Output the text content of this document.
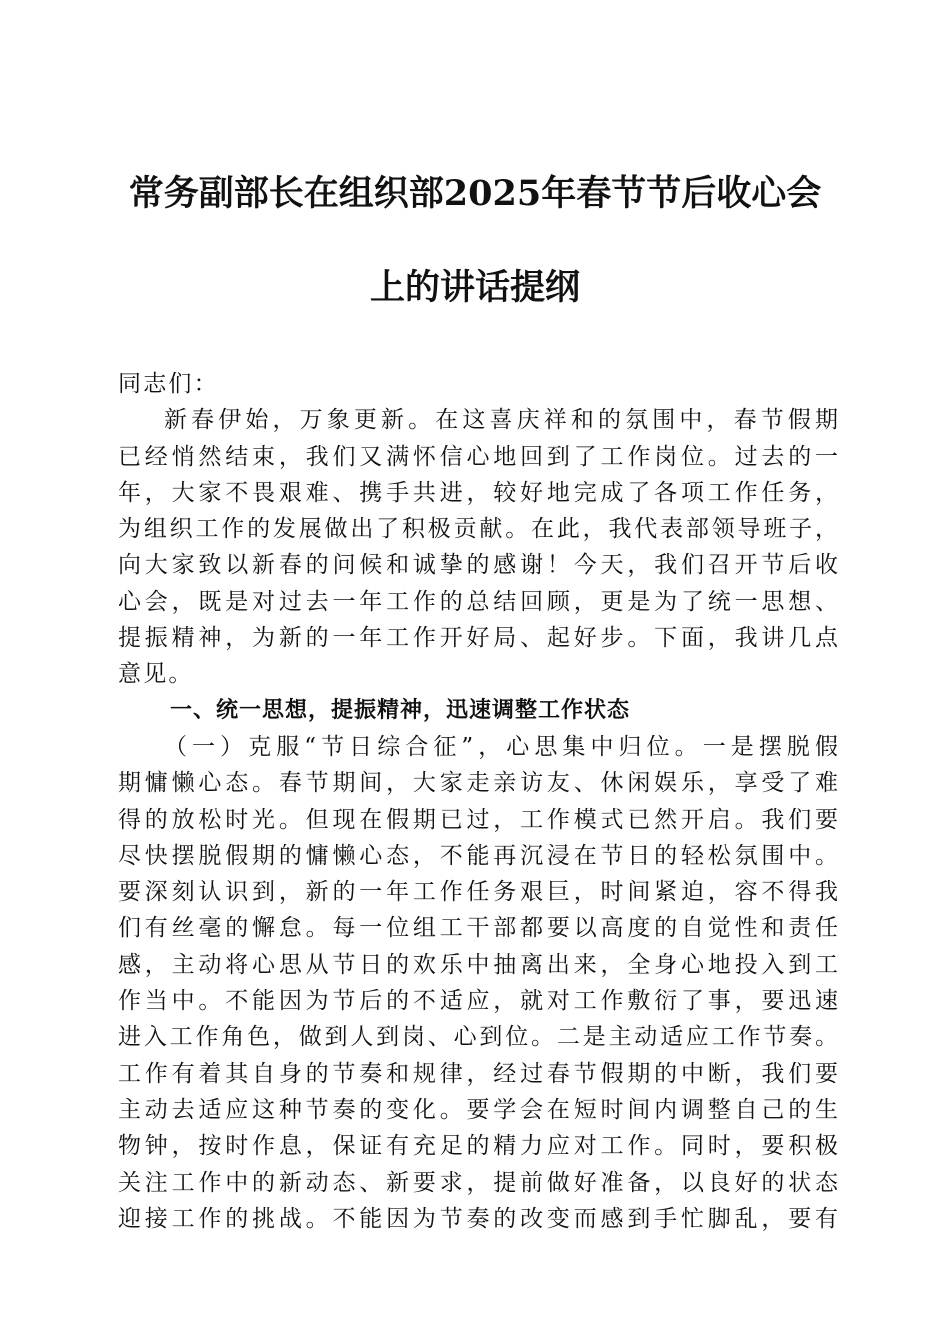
常务副部长在组织部2025年春节节后收心会
上的讲话提纲
同志们：
新春伊始，万象更新。在这喜庆祥和的氛围中，春节假期
已经悄然结束，我们又满怀信心地回到了工作岗位。过去的一
年，大家不畏艰难、携手共进，较好地完成了各项工作任务，
为组织工作的发展做出了积极贡献。在此，我代表部领导班子，
向大家致以新春的问候和诚挚的感谢！今天，我们召开节后收
心会，既是对过去一年工作的总结回顾，更是为了统一思想、
提振精神，为新的一年工作开好局、起好步。下面，我讲几点
意见。
一、统一思想，提振精神，迅速调整工作状态
（一）克服“节日综合征”，心思集中归位。一是摆脱假
期慵懒心态。春节期间，大家走亲访友、休闲娱乐，享受了难
得的放松时光。但现在假期已过，工作模式已然开启。我们要
尽快摆脱假期的慵懒心态，不能再沉浸在节日的轻松氛围中。
要深刻认识到，新的一年工作任务艰巨，时间紧迫，容不得我
们有丝毫的懈怠。每一位组工干部都要以高度的自觉性和责任
感，主动将心思从节日的欢乐中抽离出来，全身心地投入到工
作当中。不能因为节后的不适应，就对工作敷衍了事，要迅速
进入工作角色，做到人到岗、心到位。二是主动适应工作节奏。
工作有着其自身的节奏和规律，经过春节假期的中断，我们要
主动去适应这种节奏的变化。要学会在短时间内调整自己的生
物钟，按时作息，保证有充足的精力应对工作。同时，要积极
关注工作中的新动态、新要求，提前做好准备，以良好的状态
迎接工作的挑战。不能因为节奏的改变而感到手忙脚乱，要有
